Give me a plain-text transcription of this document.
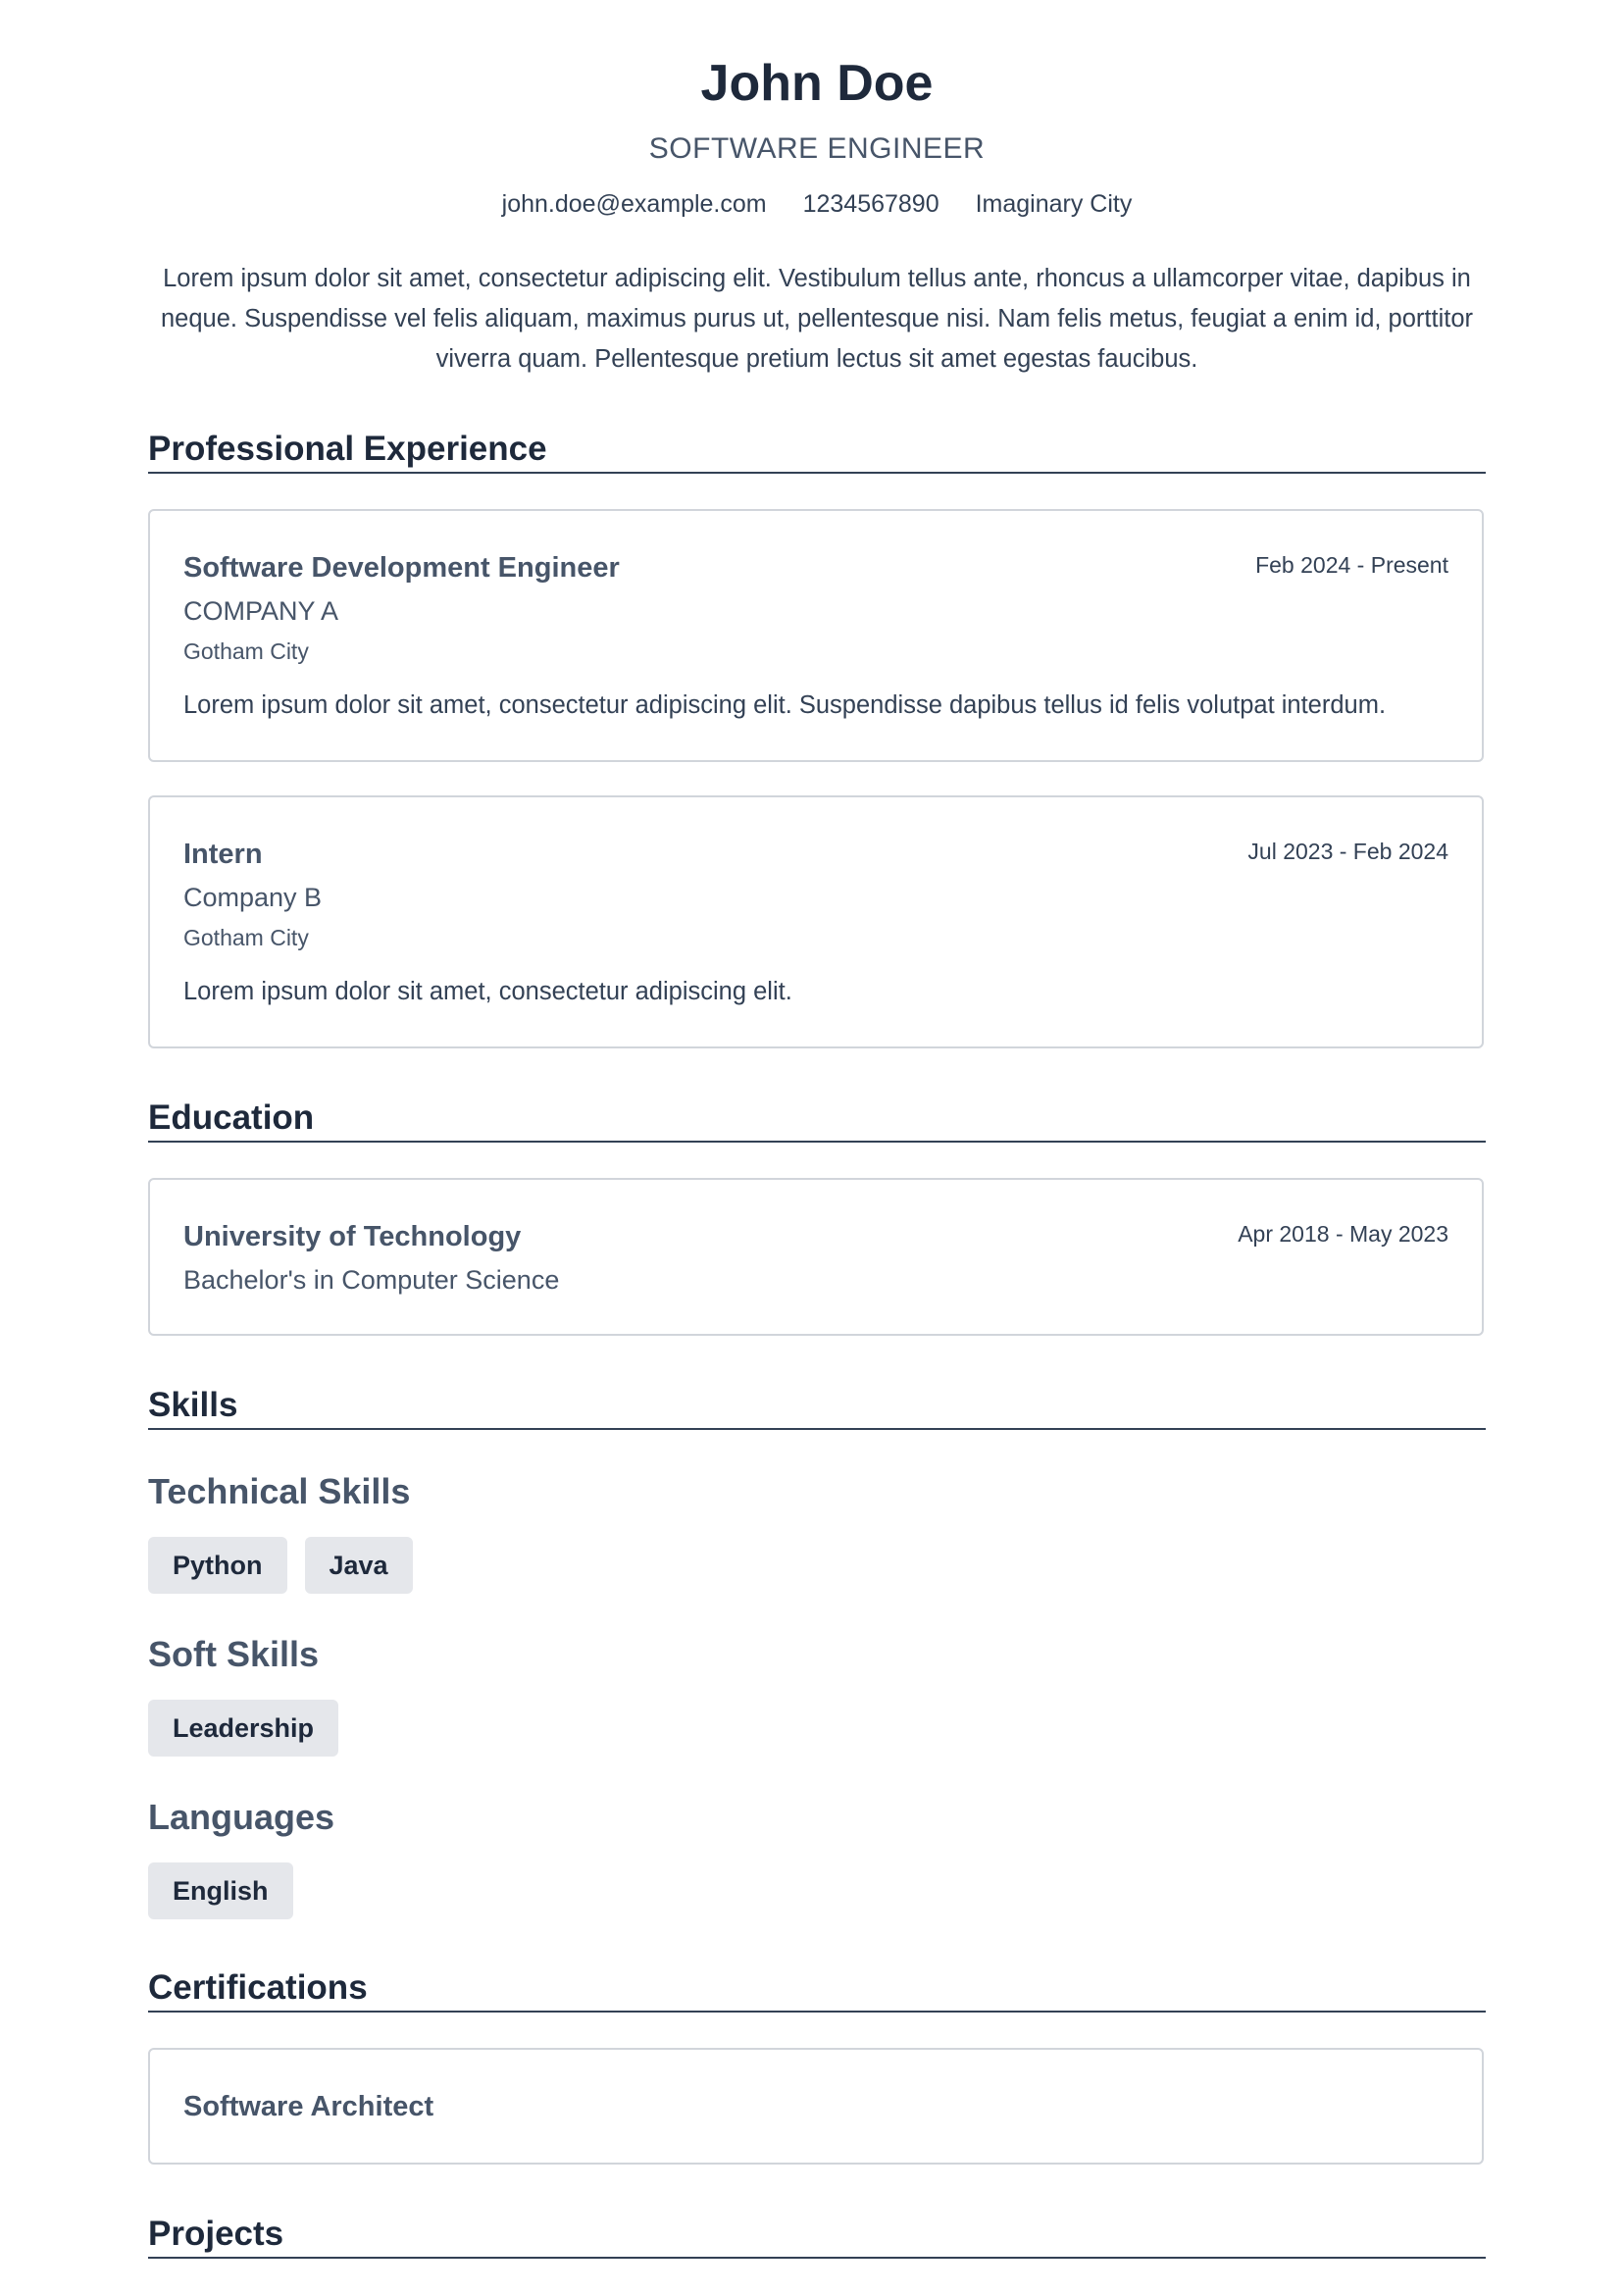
John Doe
SOFTWARE ENGINEER
john.doe@example.com 1234567890 Imaginary City
Lorem ipsum dolor sit amet, consectetur adipiscing elit. Vestibulum tellus ante, rhoncus a ullamcorper vitae, dapibus in neque. Suspendisse vel felis aliquam, maximus purus ut, pellentesque nisi. Nam felis metus, feugiat a enim id, porttitor viverra quam. Pellentesque pretium lectus sit amet egestas faucibus.
Professional Experience
Software Development Engineer	Feb 2024 - Present
COMPANY A
Gotham City
Lorem ipsum dolor sit amet, consectetur adipiscing elit. Suspendisse dapibus tellus id felis volutpat interdum.
Intern	Jul 2023 - Feb 2024
Company B
Gotham City
Lorem ipsum dolor sit amet, consectetur adipiscing elit.
Education
University of Technology	Apr 2018 - May 2023
Bachelor's in Computer Science
Skills
Technical Skills
Python	Java
Soft Skills
Leadership
Languages
English
Certifications
Software Architect
Projects
